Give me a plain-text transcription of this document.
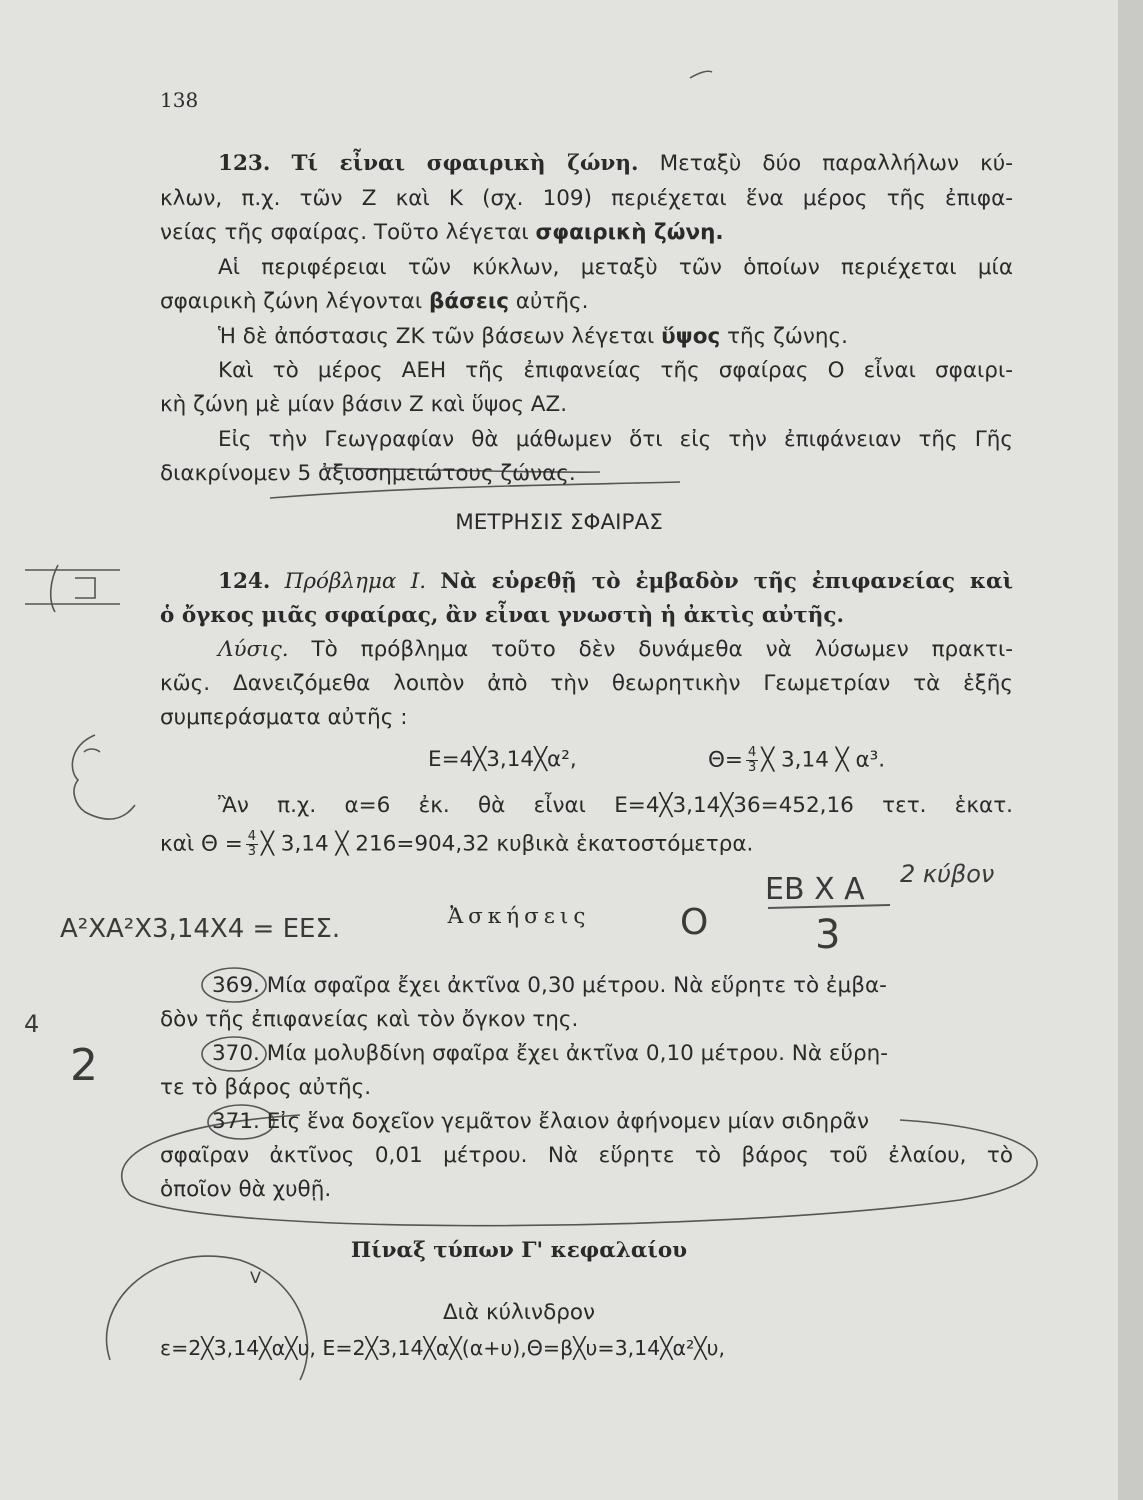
138
123. Τί εἶναι σφαιρικὴ ζώνη. Μεταξὺ δύο παραλλήλων κύ-
κλων, π.χ. τῶν Ζ καὶ Κ (σχ. 109) περιέχεται ἕνα μέρος τῆς ἐπιφα-
νείας τῆς σφαίρας. Τοῦτο λέγεται σφαιρικὴ ζώνη.
Αἱ περιφέρειαι τῶν κύκλων, μεταξὺ τῶν ὁποίων περιέχεται μία
σφαιρικὴ ζώνη λέγονται βάσεις αὐτῆς.
Ἡ δὲ ἀπόστασις ΖΚ τῶν βάσεων λέγεται ὕψος τῆς ζώνης.
Καὶ τὸ μέρος ΑΕΗ τῆς ἐπιφανείας τῆς σφαίρας Ο εἶναι σφαιρι-
κὴ ζώνη μὲ μίαν βάσιν Ζ καὶ ὕψος ΑΖ.
Εἰς τὴν Γεωγραφίαν θὰ μάθωμεν ὅτι εἰς τὴν ἐπιφάνειαν τῆς Γῆς
διακρίνομεν 5 ἀξιοσημειώτους ζώνας.
ΜΕΤΡΗΣΙΣ ΣΦΑΙΡΑΣ
124. Πρόβλημα Ι. Νὰ εὑρεθῇ τὸ ἐμβαδὸν τῆς ἐπιφανείας καὶ
ὁ ὄγκος μιᾶς σφαίρας, ἂν εἶναι γνωστὴ ἡ ἀκτὶς αὐτῆς.
Λύσις. Τὸ πρόβλημα τοῦτο δὲν δυνάμεθα νὰ λύσωμεν πρακτι-
κῶς. Δανειζόμεθα λοιπὸν ἀπὸ τὴν θεωρητικὴν Γεωμετρίαν τὰ ἑξῆς
συμπεράσματα αὐτῆς :
Ε=4╳3,14╳α²,	$\Theta= \frac{4}{3}$ ╳ 3,14 ╳ α³.
Ἂν π.χ. α=6 ἐκ. θὰ εἶναι Ε=4╳3,14╳36=452,16 τετ. ἑκατ.
καὶ $\Theta = \frac{4}{3}$ ╳ 3,14 ╳ 216=904,32 κυβικὰ ἑκατοστόμετρα.
Ἀσκήσεις
369. Μία σφαῖρα ἔχει ἀκτῖνα 0,30 μέτρου. Νὰ εὕρητε τὸ ἐμβα-
δὸν τῆς ἐπιφανείας καὶ τὸν ὄγκον της.
370. Μία μολυβδίνη σφαῖρα ἔχει ἀκτῖνα 0,10 μέτρου. Νὰ εὕρη-
τε τὸ βάρος αὐτῆς.
371. Εἰς ἕνα δοχεῖον γεμᾶτον ἔλαιον ἀφήνομεν μίαν σιδηρᾶν
σφαῖραν ἀκτῖνος 0,01 μέτρου. Νὰ εὕρητε τὸ βάρος τοῦ ἐλαίου, τὸ
ὁποῖον θὰ χυθῇ.
Πίναξ τύπων Γ' κεφαλαίου
Διὰ κύλινδρον
ε=2╳3,14╳α╳υ, Ε=2╳3,14╳α╳(α+υ),Θ=β╳υ=3,14╳α²╳υ,
A²XA²X3,14X4 = EEΣ.
4
2
O
EB X A 2 κύβον
3
V
